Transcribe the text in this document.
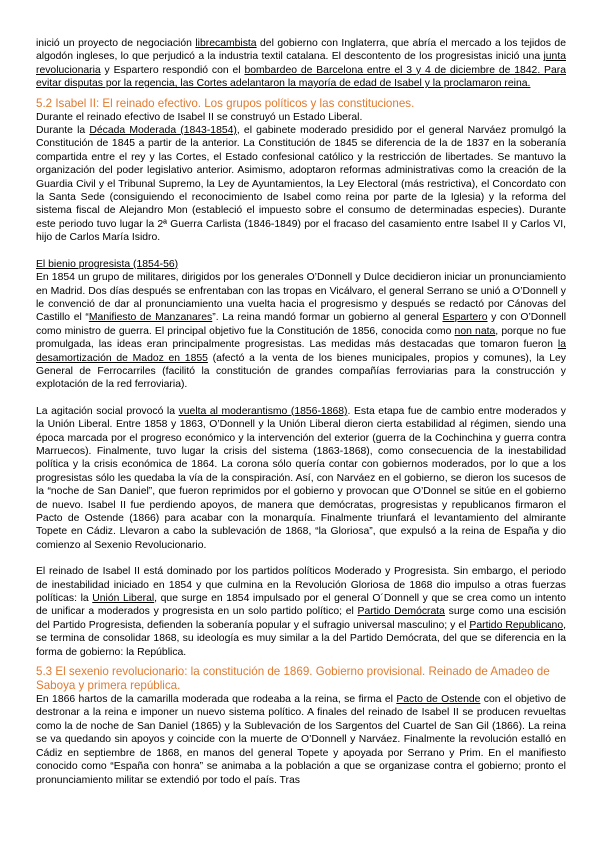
inició un proyecto de negociación librecambista del gobierno con Inglaterra, que abría el mercado a los tejidos de algodón ingleses, lo que perjudicó a la industria textil catalana. El descontento de los progresistas inició una junta revolucionaria y Espartero respondió con el bombardeo de Barcelona entre el 3 y 4 de diciembre de 1842. Para evitar disputas por la regencia, las Cortes adelantaron la mayoría de edad de Isabel y la proclamaron reina.

5.2 Isabel II: El reinado efectivo. Los grupos políticos y las constituciones.

Durante el reinado efectivo de Isabel II se construyó un Estado Liberal.

Durante la Década Moderada (1843-1854), el gabinete moderado presidido por el general Narváez promulgó la Constitución de 1845 a partir de la anterior. La Constitución de 1845 se diferencia de la de 1837 en la soberanía compartida entre el rey y las Cortes, el Estado confesional católico y la restricción de libertades. Se mantuvo la organización del poder legislativo anterior. Asimismo, adoptaron reformas administrativas como la creación de la Guardia Civil y el Tribunal Supremo, la Ley de Ayuntamientos, la Ley Electoral (más restrictiva), el Concordato con la Santa Sede (consiguiendo el reconocimiento de Isabel como reina por parte de la Iglesia) y la reforma del sistema fiscal de Alejandro Mon (estableció el impuesto sobre el consumo de determinadas especies). Durante este periodo tuvo lugar la 2ª Guerra Carlista (1846-1849) por el fracaso del casamiento entre Isabel II y Carlos VI, hijo de Carlos María Isidro.

El bienio progresista (1854-56)

En 1854 un grupo de militares, dirigidos por los generales O’Donnell y Dulce decidieron iniciar un pronunciamiento en Madrid. Dos días después se enfrentaban con las tropas en Vicálvaro, el general Serrano se unió a O’Donnell y le convenció de dar al pronunciamiento una vuelta hacia el progresismo y después se redactó por Cánovas del Castillo el “Manifiesto de Manzanares”. La reina mandó formar un gobierno al general Espartero y con O’Donnell como ministro de guerra. El principal objetivo fue la Constitución de 1856, conocida como non nata, porque no fue promulgada, las ideas eran principalmente progresistas. Las medidas más destacadas que tomaron fueron la desamortización de Madoz en 1855 (afectó a la venta de los bienes municipales, propios y comunes), la Ley General de Ferrocarriles (facilitó la constitución de grandes compañías ferroviarias para la construcción y explotación de la red ferroviaria).

La agitación social provocó la vuelta al moderantismo (1856-1868). Esta etapa fue de cambio entre moderados y la Unión Liberal. Entre 1858 y 1863, O’Donnell y la Unión Liberal dieron cierta estabilidad al régimen, siendo una época marcada por el progreso económico y la intervención del exterior (guerra de la Cochinchina y guerra contra Marruecos). Finalmente, tuvo lugar la crisis del sistema (1863-1868), como consecuencia de la inestabilidad política y la crisis económica de 1864. La corona sólo quería contar con gobiernos moderados, por lo que a los progresistas sólo les quedaba la vía de la conspiración. Así, con Narváez en el gobierno, se dieron los sucesos de la “noche de San Daniel”, que fueron reprimidos por el gobierno y provocan que O’Donnel se sitúe en el gobierno de nuevo. Isabel II fue perdiendo apoyos, de manera que demócratas, progresistas y republicanos firmaron el Pacto de Ostende (1866) para acabar con la monarquía. Finalmente triunfará el levantamiento del almirante Topete en Cádiz. Llevaron a cabo la sublevación de 1868, “la Gloriosa”, que expulsó a la reina de España y dio comienzo al Sexenio Revolucionario.

El reinado de Isabel II está dominado por los partidos políticos Moderado y Progresista. Sin embargo, el periodo de inestabilidad iniciado en 1854 y que culmina en la Revolución Gloriosa de 1868 dio impulso a otras fuerzas políticas: la Unión Liberal, que surge en 1854 impulsado por el general O´Donnell y que se crea como un intento de unificar a moderados y progresista en un solo partido político; el Partido Demócrata surge como una escisión del Partido Progresista, defienden la soberanía popular y el sufragio universal masculino; y el Partido Republicano, se termina de consolidar 1868, su ideología es muy similar a la del Partido Demócrata, del que se diferencia en la forma de gobierno: la República.

5.3 El sexenio revolucionario: la constitución de 1869. Gobierno provisional. Reinado de Amadeo de Saboya y primera república.

En 1866 hartos de la camarilla moderada que rodeaba a la reina, se firma el Pacto de Ostende con el objetivo de destronar a la reina e imponer un nuevo sistema político. A finales del reinado de Isabel II se producen revueltas como la de noche de San Daniel (1865) y la Sublevación de los Sargentos del Cuartel de San Gil (1866). La reina se va quedando sin apoyos y coincide con la muerte de O’Donnell y Narváez. Finalmente la revolución estalló en Cádiz en septiembre de 1868, en manos del general Topete y apoyada por Serrano y Prim. En el manifiesto conocido como “España con honra” se animaba a la población a que se organizase contra el gobierno; pronto el pronunciamiento militar se extendió por todo el país. Tras
